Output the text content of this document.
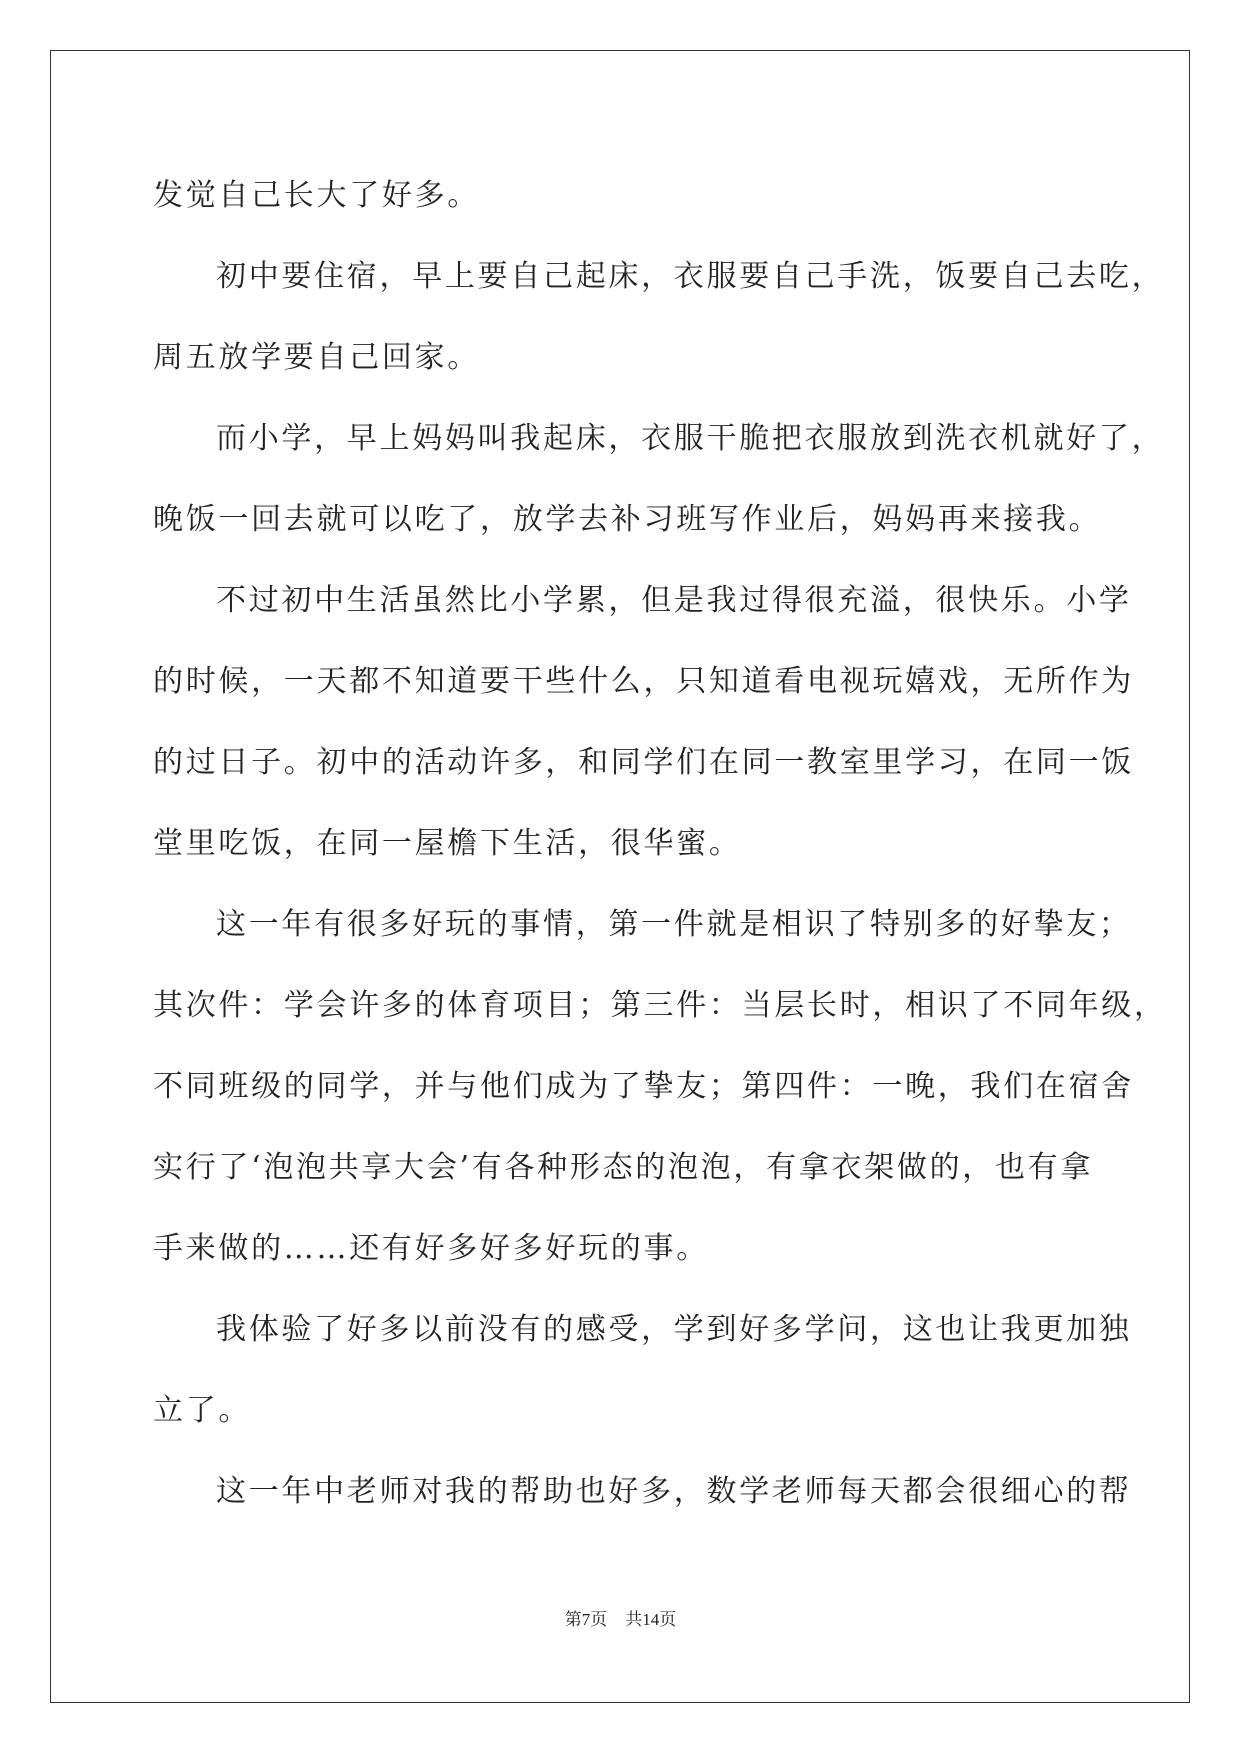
发觉自己长大了好多。
初中要住宿，早上要自己起床，衣服要自己手洗，饭要自己去吃，
周五放学要自己回家。
而小学，早上妈妈叫我起床，衣服干脆把衣服放到洗衣机就好了，
晚饭一回去就可以吃了，放学去补习班写作业后，妈妈再来接我。
不过初中生活虽然比小学累，但是我过得很充溢，很快乐。小学
的时候，一天都不知道要干些什么，只知道看电视玩嬉戏，无所作为
的过日子。初中的活动许多，和同学们在同一教室里学习，在同一饭
堂里吃饭，在同一屋檐下生活，很华蜜。
这一年有很多好玩的事情，第一件就是相识了特别多的好挚友；
其次件：学会许多的体育项目；第三件：当层长时，相识了不同年级，
不同班级的同学，并与他们成为了挚友；第四件：一晚，我们在宿舍
实行了‘泡泡共享大会’有各种形态的泡泡，有拿衣架做的，也有拿
手来做的……还有好多好多好玩的事。
我体验了好多以前没有的感受，学到好多学问，这也让我更加独
立了。
这一年中老师对我的帮助也好多，数学老师每天都会很细心的帮
第7页 共14页
